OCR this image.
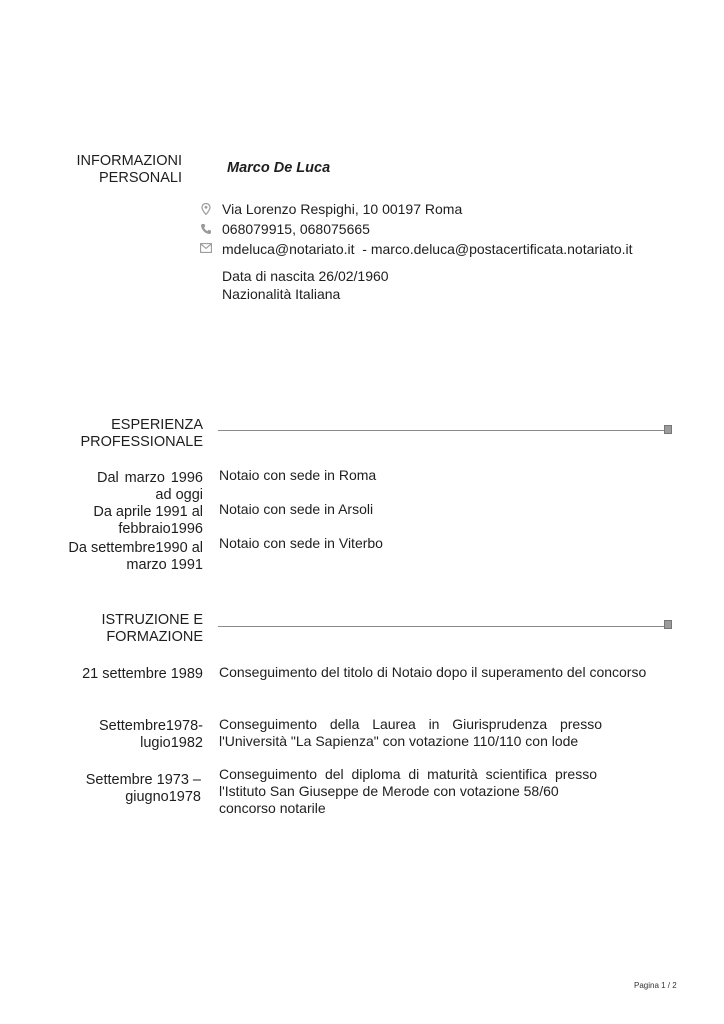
INFORMAZIONI
PERSONALI
Marco De Luca
Via Lorenzo Respighi, 10 00197 Roma
068079915, 068075665
mdeluca@notariato.it  - marco.deluca@postacertificata.notariato.it
Data di nascita 26/02/1960
Nazionalità Italiana
ESPERIENZA
PROFESSIONALE
Dal marzo 1996
ad oggi
Notaio con sede in Roma
Da aprile 1991 al
febbraio1996
Notaio con sede in Arsoli
Da settembre1990 al
marzo 1991
Notaio con sede in Viterbo
ISTRUZIONE E
FORMAZIONE
21 settembre 1989 Conseguimento del titolo di Notaio dopo il superamento del concorso
Settembre1978-
lugio1982
Conseguimento della Laurea in Giurisprudenza presso
l'Università "La Sapienza" con votazione 110/110 con lode
Settembre 1973 –
giugno1978
Conseguimento del diploma di maturità scientifica presso
l'Istituto San Giuseppe de Merode con votazione 58/60
concorso notarile
Pagina 1 / 2
